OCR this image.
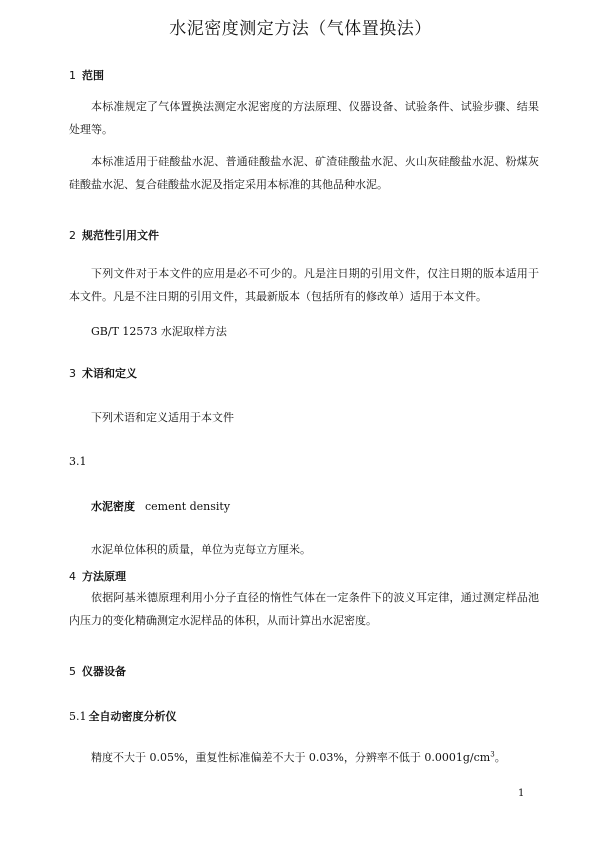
水泥密度测定方法（气体置换法）
1 范围

本标准规定了气体置换法测定水泥密度的方法原理、仪器设备、试验条件、试验步骤、结果处理等。

本标准适用于硅酸盐水泥、普通硅酸盐水泥、矿渣硅酸盐水泥、火山灰硅酸盐水泥、粉煤灰硅酸盐水泥、复合硅酸盐水泥及指定采用本标准的其他品种水泥。

2 规范性引用文件

下列文件对于本文件的应用是必不可少的。凡是注日期的引用文件，仅注日期的版本适用于本文件。凡是不注日期的引用文件，其最新版本（包括所有的修改单）适用于本文件。

GB/T 12573 水泥取样方法
3 术语和定义
下列术语和定义适用于本文件
3.1
水泥密度 cement density
水泥单位体积的质量，单位为克每立方厘米。
4 方法原理

依据阿基米德原理利用小分子直径的惰性气体在一定条件下的波义耳定律，通过测定样品池内压力的变化精确测定水泥样品的体积，从而计算出水泥密度。

5 仪器设备
5.1 全自动密度分析仪
精度不大于 0.05%，重复性标准偏差不大于 0.03%，分辨率不低于 $0.0001g/cm^3$。
1
